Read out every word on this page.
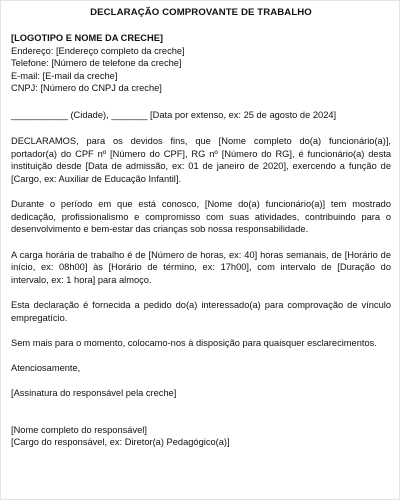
DECLARAÇÃO COMPROVANTE DE TRABALHO
[LOGOTIPO E NOME DA CRECHE]
Endereço: [Endereço completo da creche]
Telefone: [Número de telefone da creche]
E-mail: [E-mail da creche]
CNPJ: [Número do CNPJ da creche]
___________ (Cidade), _______ [Data por extenso, ex: 25 de agosto de 2024]
DECLARAMOS, para os devidos fins, que [Nome completo do(a) funcionário(a)], portador(a) do CPF nº [Número do CPF], RG nº [Número do RG], é funcionário(a) desta instituição desde [Data de admissão, ex: 01 de janeiro de 2020], exercendo a função de [Cargo, ex: Auxiliar de Educação Infantil].
Durante o período em que está conosco, [Nome do(a) funcionário(a)] tem mostrado dedicação, profissionalismo e compromisso com suas atividades, contribuindo para o desenvolvimento e bem-estar das crianças sob nossa responsabilidade.
A carga horária de trabalho é de [Número de horas, ex: 40] horas semanais, de [Horário de início, ex: 08h00] às [Horário de término, ex: 17h00], com intervalo de [Duração do intervalo, ex: 1 hora] para almoço.
Esta declaração é fornecida a pedido do(a) interessado(a) para comprovação de vínculo empregatício.
Sem mais para o momento, colocamo-nos à disposição para quaisquer esclarecimentos.
Atenciosamente,
[Assinatura do responsável pela creche]
[Nome completo do responsável]
[Cargo do responsável, ex: Diretor(a) Pedagógico(a)]
